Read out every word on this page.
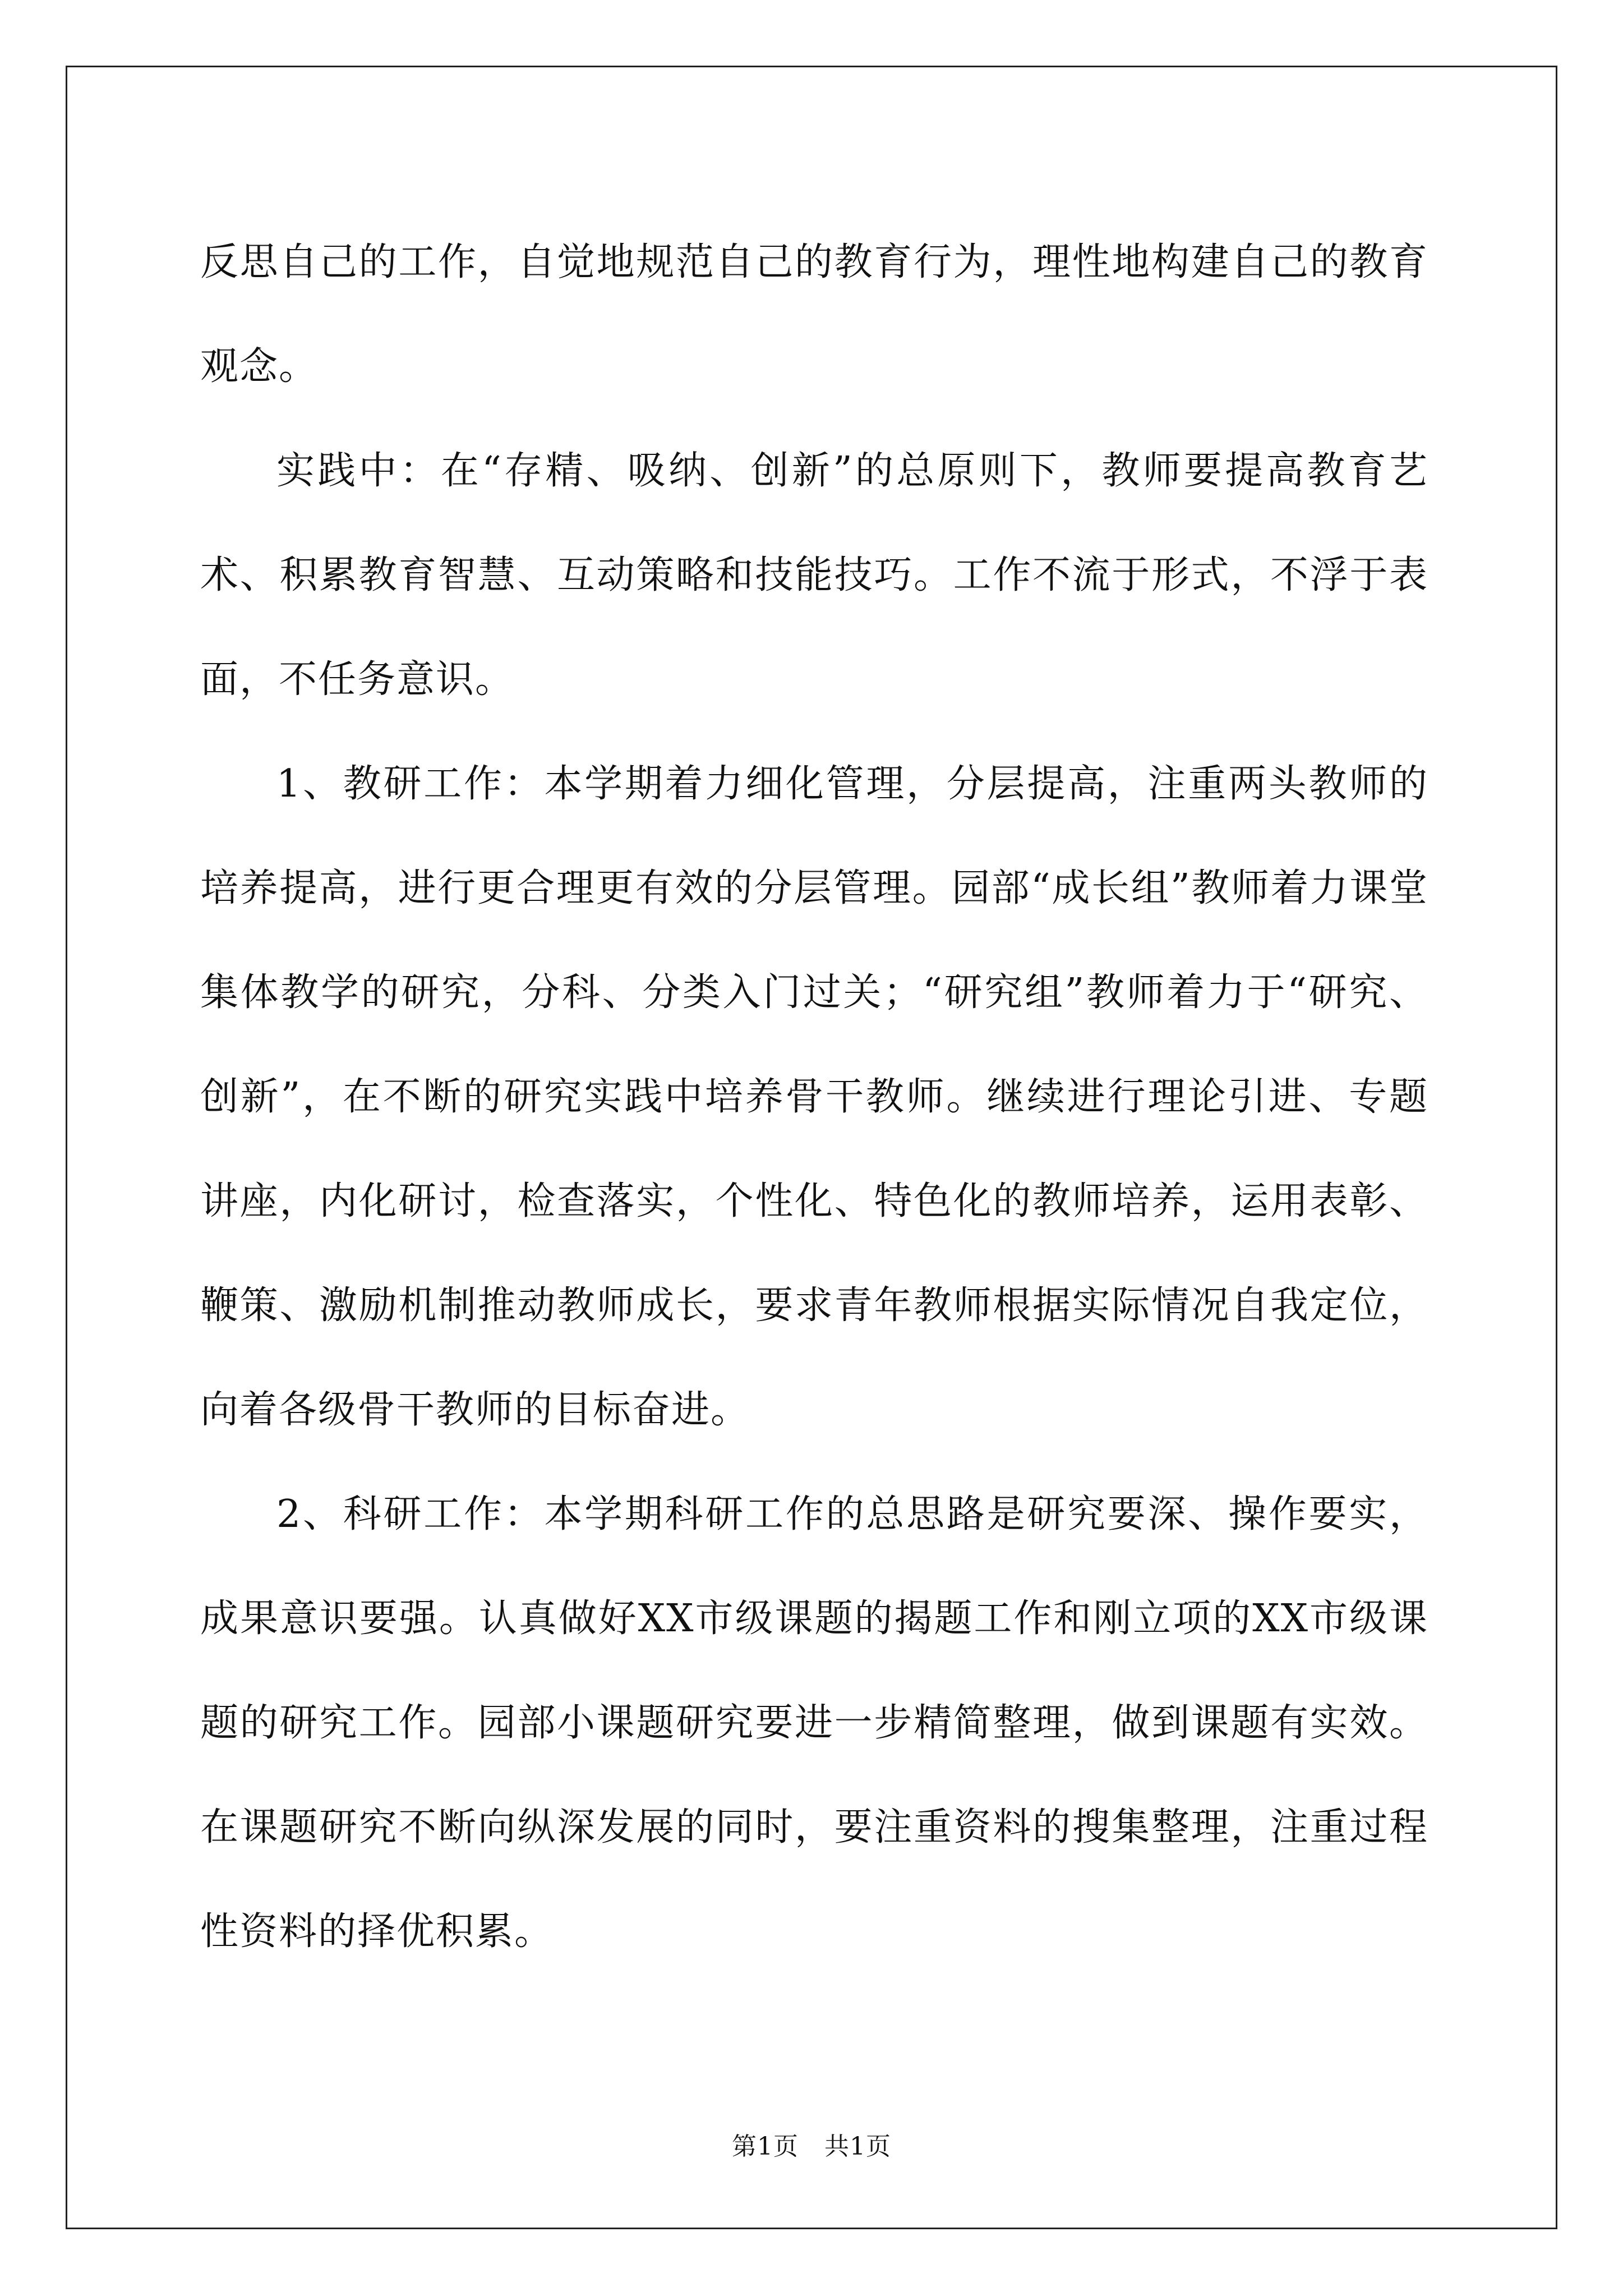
反思自己的工作，自觉地规范自己的教育行为，理性地构建自己的教育观念。

实践中：在“存精、吸纳、创新”的总原则下，教师要提高教育艺术、积累教育智慧、互动策略和技能技巧。工作不流于形式，不浮于表面，不任务意识。

1、教研工作：本学期着力细化管理，分层提高，注重两头教师的培养提高，进行更合理更有效的分层管理。园部“成长组”教师着力课堂集体教学的研究，分科、分类入门过关；“研究组”教师着力于“研究、创新”，在不断的研究实践中培养骨干教师。继续进行理论引进、专题讲座，内化研讨，检查落实，个性化、特色化的教师培养，运用表彰、鞭策、激励机制推动教师成长，要求青年教师根据实际情况自我定位，向着各级骨干教师的目标奋进。

2、科研工作：本学期科研工作的总思路是研究要深、操作要实，成果意识要强。认真做好XX市级课题的揭题工作和刚立项的XX市级课题的研究工作。园部小课题研究要进一步精简整理，做到课题有实效。在课题研究不断向纵深发展的同时，要注重资料的搜集整理，注重过程性资料的择优积累。

第1页 共1页
